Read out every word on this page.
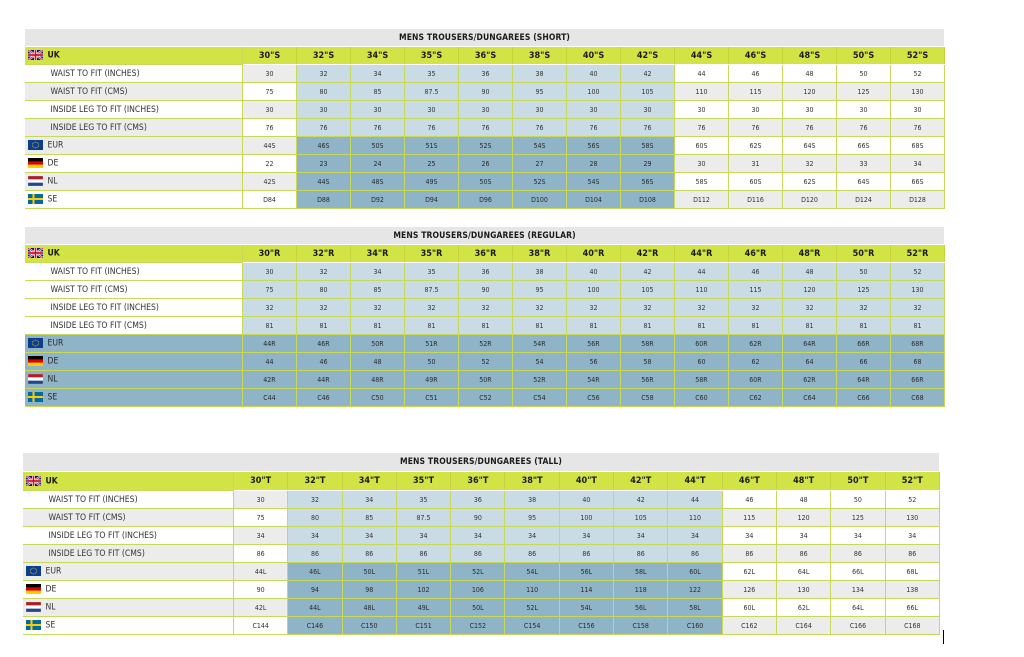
MENS TROUSERS/DUNGAREES (SHORT)													

UK	30"S	32"S	34"S	35"S	36"S	38"S	40"S	42"S	44"S	46"S	48"S	50"S	52"S
WAIST TO FIT (INCHES)	30	32	34	35	36	38	40	42	44	46	48	50	52
WAIST TO FIT (CMS)	75	80	85	87.5	90	95	100	105	110	115	120	125	130
INSIDE LEG TO FIT (INCHES)	30	30	30	30	30	30	30	30	30	30	30	30	30
INSIDE LEG TO FIT (CMS)	76	76	76	76	76	76	76	76	76	76	76	76	76

EUR	44S	46S	50S	51S	52S	54S	56S	58S	60S	62S	64S	66S	68S

DE	22	23	24	25	26	27	28	29	30	31	32	33	34

NL	42S	44S	48S	49S	50S	52S	54S	56S	58S	60S	62S	64S	66S

SE	D84	D88	D92	D94	D96	D100	D104	D108	D112	D116	D120	D124	D128
MENS TROUSERS/DUNGAREES (REGULAR)													

UK	30"R	32"R	34"R	35"R	36"R	38"R	40"R	42"R	44"R	46"R	48"R	50"R	52"R
WAIST TO FIT (INCHES)	30	32	34	35	36	38	40	42	44	46	48	50	52
WAIST TO FIT (CMS)	75	80	85	87.5	90	95	100	105	110	115	120	125	130
INSIDE LEG TO FIT (INCHES)	32	32	32	32	32	32	32	32	32	32	32	32	32
INSIDE LEG TO FIT (CMS)	81	81	81	81	81	81	81	81	81	81	81	81	81

EUR	44R	46R	50R	51R	52R	54R	56R	58R	60R	62R	64R	66R	68R

DE	44	46	48	50	52	54	56	58	60	62	64	66	68

NL	42R	44R	48R	49R	50R	52R	54R	56R	58R	60R	62R	64R	66R

SE	C44	C46	C50	C51	C52	C54	C56	C58	C60	C62	C64	C66	C68
MENS TROUSERS/DUNGAREES (TALL)													

UK	30"T	32"T	34"T	35"T	36"T	38"T	40"T	42"T	44"T	46"T	48"T	50"T	52"T
WAIST TO FIT (INCHES)	30	32	34	35	36	38	40	42	44	46	48	50	52
WAIST TO FIT (CMS)	75	80	85	87.5	90	95	100	105	110	115	120	125	130
INSIDE LEG TO FIT (INCHES)	34	34	34	34	34	34	34	34	34	34	34	34	34
INSIDE LEG TO FIT (CMS)	86	86	86	86	86	86	86	86	86	86	86	86	86

EUR	44L	46L	50L	51L	52L	54L	56L	58L	60L	62L	64L	66L	68L

DE	90	94	98	102	106	110	114	118	122	126	130	134	138

NL	42L	44L	48L	49L	50L	52L	54L	56L	58L	60L	62L	64L	66L

SE	C144	C146	C150	C151	C152	C154	C156	C158	C160	C162	C164	C166	C168
